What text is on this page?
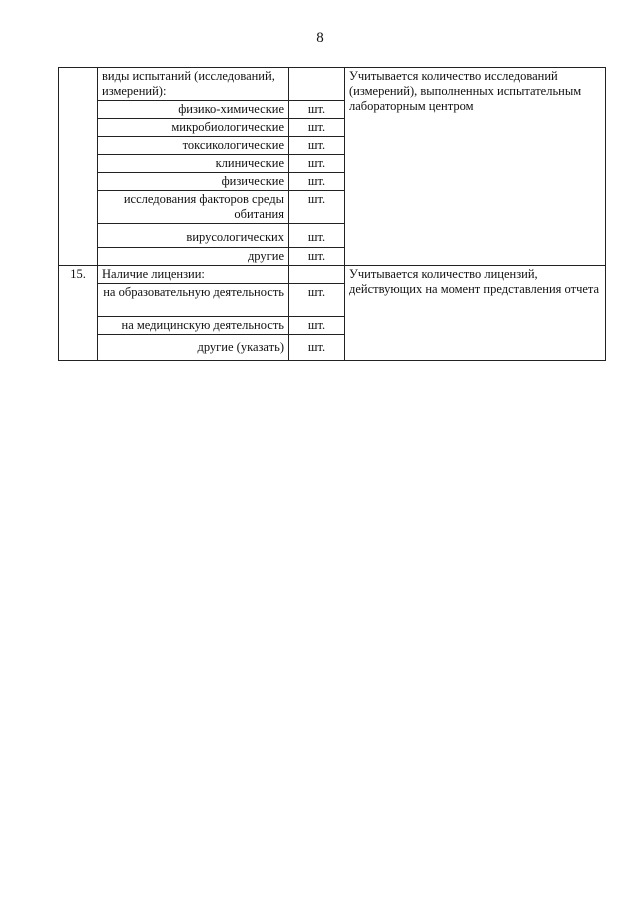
8
	виды испытаний (исследований, измерений):		Учитывается количество исследований (измерений), выполненных испытательным лабораторным центром
	физико-химические	шт.	
	микробиологические	шт.	
	токсикологические	шт.	
	клинические	шт.	
	физические	шт.	
	исследования факторов среды обитания	шт.	
	вирусологических	шт.	
	другие	шт.	
15.	Наличие лицензии:		Учитывается количество лицензий, действующих на момент представления отчета
	на образовательную деятельность	шт.	
	на медицинскую деятельность	шт.	
	другие (указать)	шт.	
